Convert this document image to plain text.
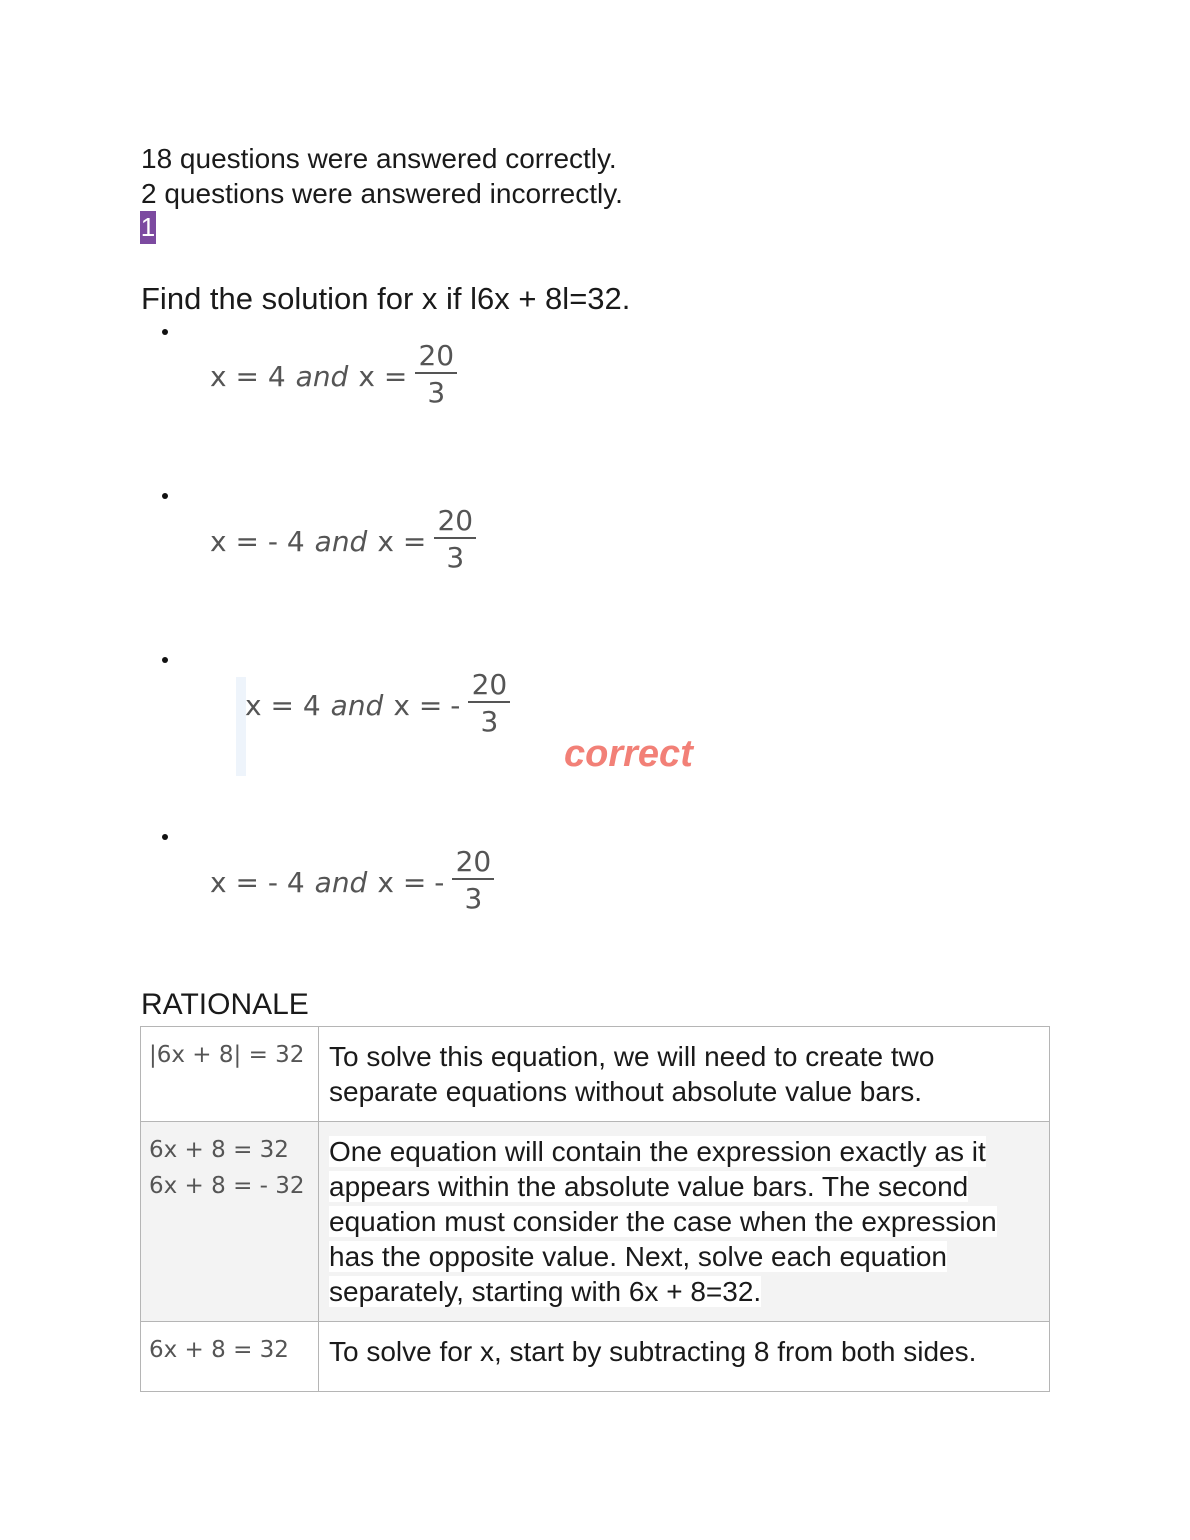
18 questions were answered correctly.
2 questions were answered incorrectly.
1
Find the solution for x if l6x + 8l=32.
x = 4 and $x = \frac{20}{3}$
x = - 4 and $x = \frac{20}{3}$
x = 4 and x = - $\frac{20}{3}$
correct
x = - 4 and x = - $\frac{20}{3}$
RATIONALE
|6x + 8| = 32	To solve this equation, we will need to create two separate equations without absolute value bars.

6x + 8 = 32
6x + 8 = - 32	One equation will contain the expression exactly as it appears within the absolute value bars. The second equation must consider the case when the expression has the opposite value. Next, solve each equation separately, starting with 6x + 8=32.

6x + 8 = 32	To solve for x, start by subtracting 8 from both sides.
